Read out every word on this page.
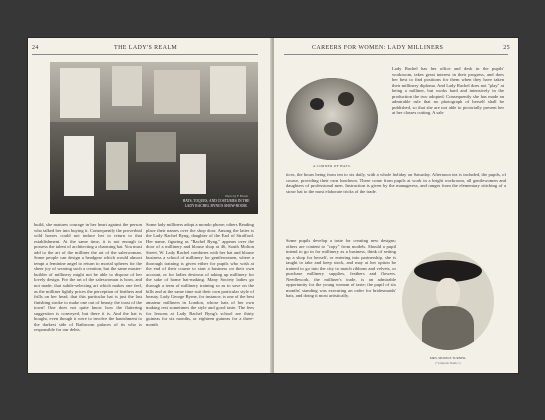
24	THE LADY'S REALM
HATS, TOQUES, AND COSTUMES IN THE LADY RACHEL BYNG'S SHOW-ROOM.
Photo by F. Brown
build, she matures courage in her heart against the person who talked her into buying it. Consequently the proverbial wild horses could not induce her to return to that establishment. At the same time, it is not enough to possess the talent of architecting a charming hat. You must add to the art of the milliner the art of the saleswoman. Some people can design a headgear which would almost tempt a feminine angel to return to mortal spheres for the sheer joy of wearing such a creation, but the same master-builder of millinery might not be able to dispose of her lovely design. For the art of the saleswoman is born, and not made; that subtle-selecting art which makes one feel, as the milliner lightly prices the perception of feathers and frills on her head, that this particular hat is just the last finishing stroke to make one out of beauty the toast of the town! One does not quite know how the flattering suggestion is conveyed, but there it is. And the hat is bought, even though it were to involve the banishment to the darkest side of Bathroom palaces of its who is responsible for our debts.
Some lady milliners adopt a mondo phone; others Reading place their names over the shop door. Among the latter is the Lady Rachel Byng, daughter of the Earl of Strafford. Her name, figuring as "Rachel Byng," appears over the door of a millinery and blouse shop at 46, South Molton Street, W. Lady Rachel combines with her hat and blouse business a school of millinery for gentlewomen, where a thorough training is given either for pupils who wish at the end of their course to start a business on their own account, or for ladies desirous of taking up millinery for the sake of home hat-making. Many Society ladies go through a term of millinery training so as to save on the bills and at the same time suit their own particular style of beauty. Lady George Byrne, for instance, is one of the best amateur milliners in London, whose hats of her own making rest sometimes the style and good taste. The fees for lessons at Lady Rachel Byng's school are thirty guineas for six months, or eighteen guineas for a three-month
CAREERS FOR WOMEN: LADY MILLINERS	25
A CORNER OF HATS.
Lady Rachel has her office and desk in the pupils' workroom, takes great interest in their progress, and does her best to find positions for them when they have taken their millinery diploma. And Lady Rachel does not "play" at being a milliner, but works hard and intensively in the production the two adopted. Consequently she has made an admirable rule that no photograph of herself shall be published, so that she are not able to pictorially present her at her classes cutting. A sale
tices, the hours being from ten to six daily, with a whole holiday on Saturday. Afternoon tea is included, the pupils, of course, providing their own luncheon. These come from pupils at work in a bright workroom, all gentlewomen and daughters of professional men. Instruction is given by the manageress, and ranges from the elementary stitching of a straw hat to the most elaborate tricks of the trade.
Some pupils develop a taste for creating new designs; others are content to "copy" from models. Should a pupil intend to go in for millinery as a business, think of setting up a shop for herself, or entering into partnership, she is taught to take and keep stock, and may at her option be trained to go into the city to match ribbons and velvets, or purchase millinery supplies, feathers and flowers. Needlework, the milliner's trade, is an admirable opportunity for the young woman of taste; the pupil of six months' standing was executing an order for bridesmaids' hats, and doing it most artistically.
MRS. MOSELE TURNER.
("Lafayette Studio.")
